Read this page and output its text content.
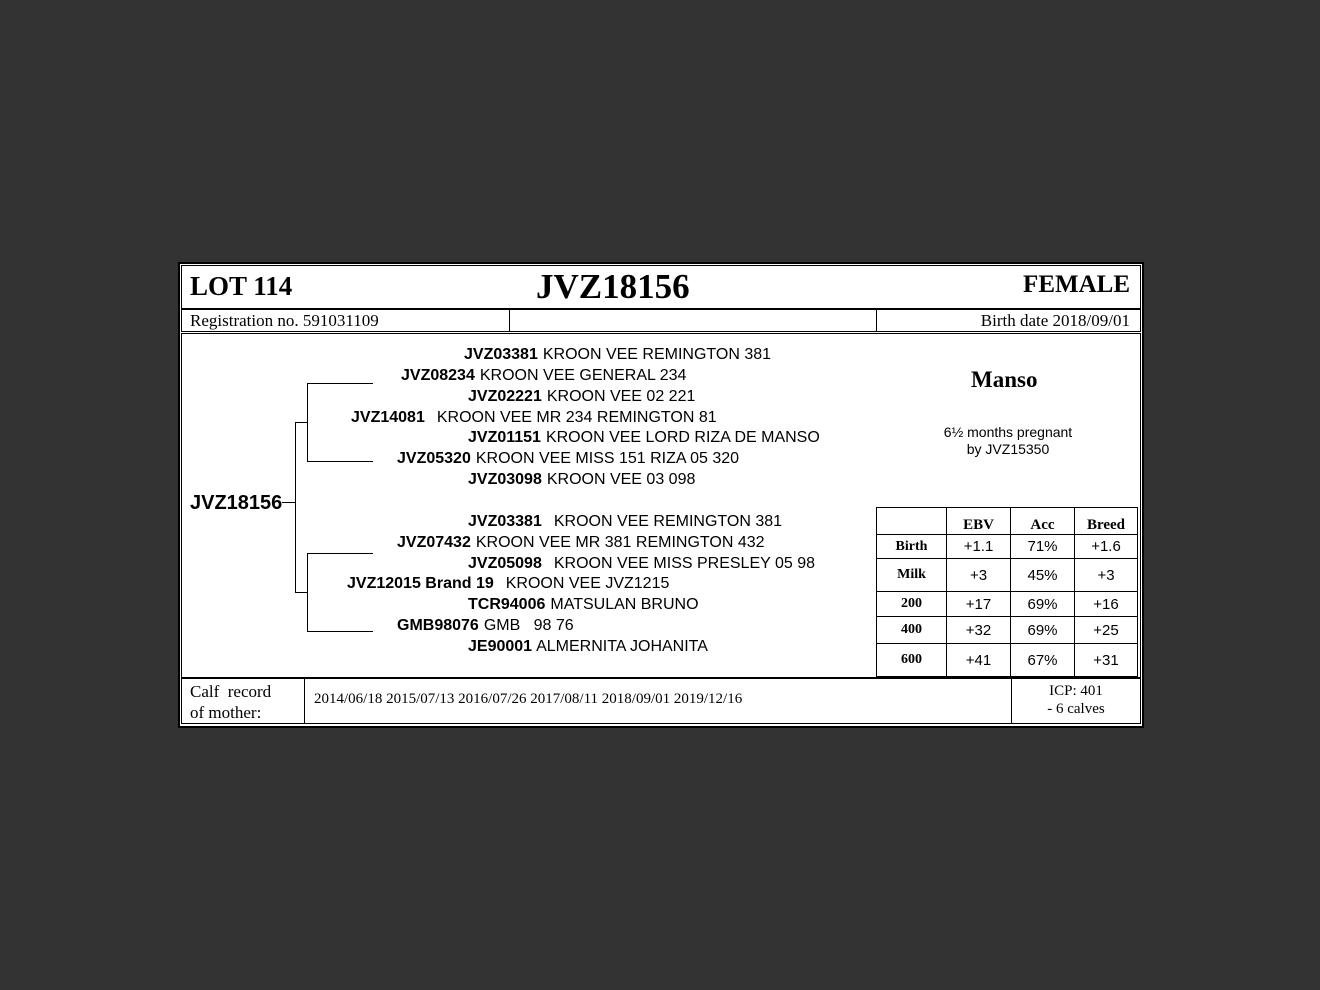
LOT 114	JVZ18156	FEMALE
Registration no. 591031109	Birth date 2018/09/01
JVZ18156
JVZ03381 KROON VEE REMINGTON 381
JVZ08234 KROON VEE GENERAL 234
JVZ02221 KROON VEE 02 221
JVZ14081 KROON VEE MR 234 REMINGTON 81
JVZ01151 KROON VEE LORD RIZA DE MANSO
JVZ05320 KROON VEE MISS 151 RIZA 05 320
JVZ03098 KROON VEE 03 098
JVZ03381 KROON VEE REMINGTON 381
JVZ07432 KROON VEE MR 381 REMINGTON 432
JVZ05098 KROON VEE MISS PRESLEY 05 98
JVZ12015 Brand 19 KROON VEE JVZ1215
TCR94006 MATSULAN BRUNO
GMB98076 GMB   98 76
JE90001 ALMERNITA JOHANITA
Manso
6½ months pregnant
by JVZ15350
	EBV	Acc	Breed
Birth	+1.1	71%	+1.6
Milk	+3	45%	+3
200	+17	69%	+16
400	+32	69%	+25
600	+41	67%	+31
Calf  record
of mother:
2014/06/18 2015/07/13 2016/07/26 2017/08/11 2018/09/01 2019/12/16	ICP: 401
- 6 calves
